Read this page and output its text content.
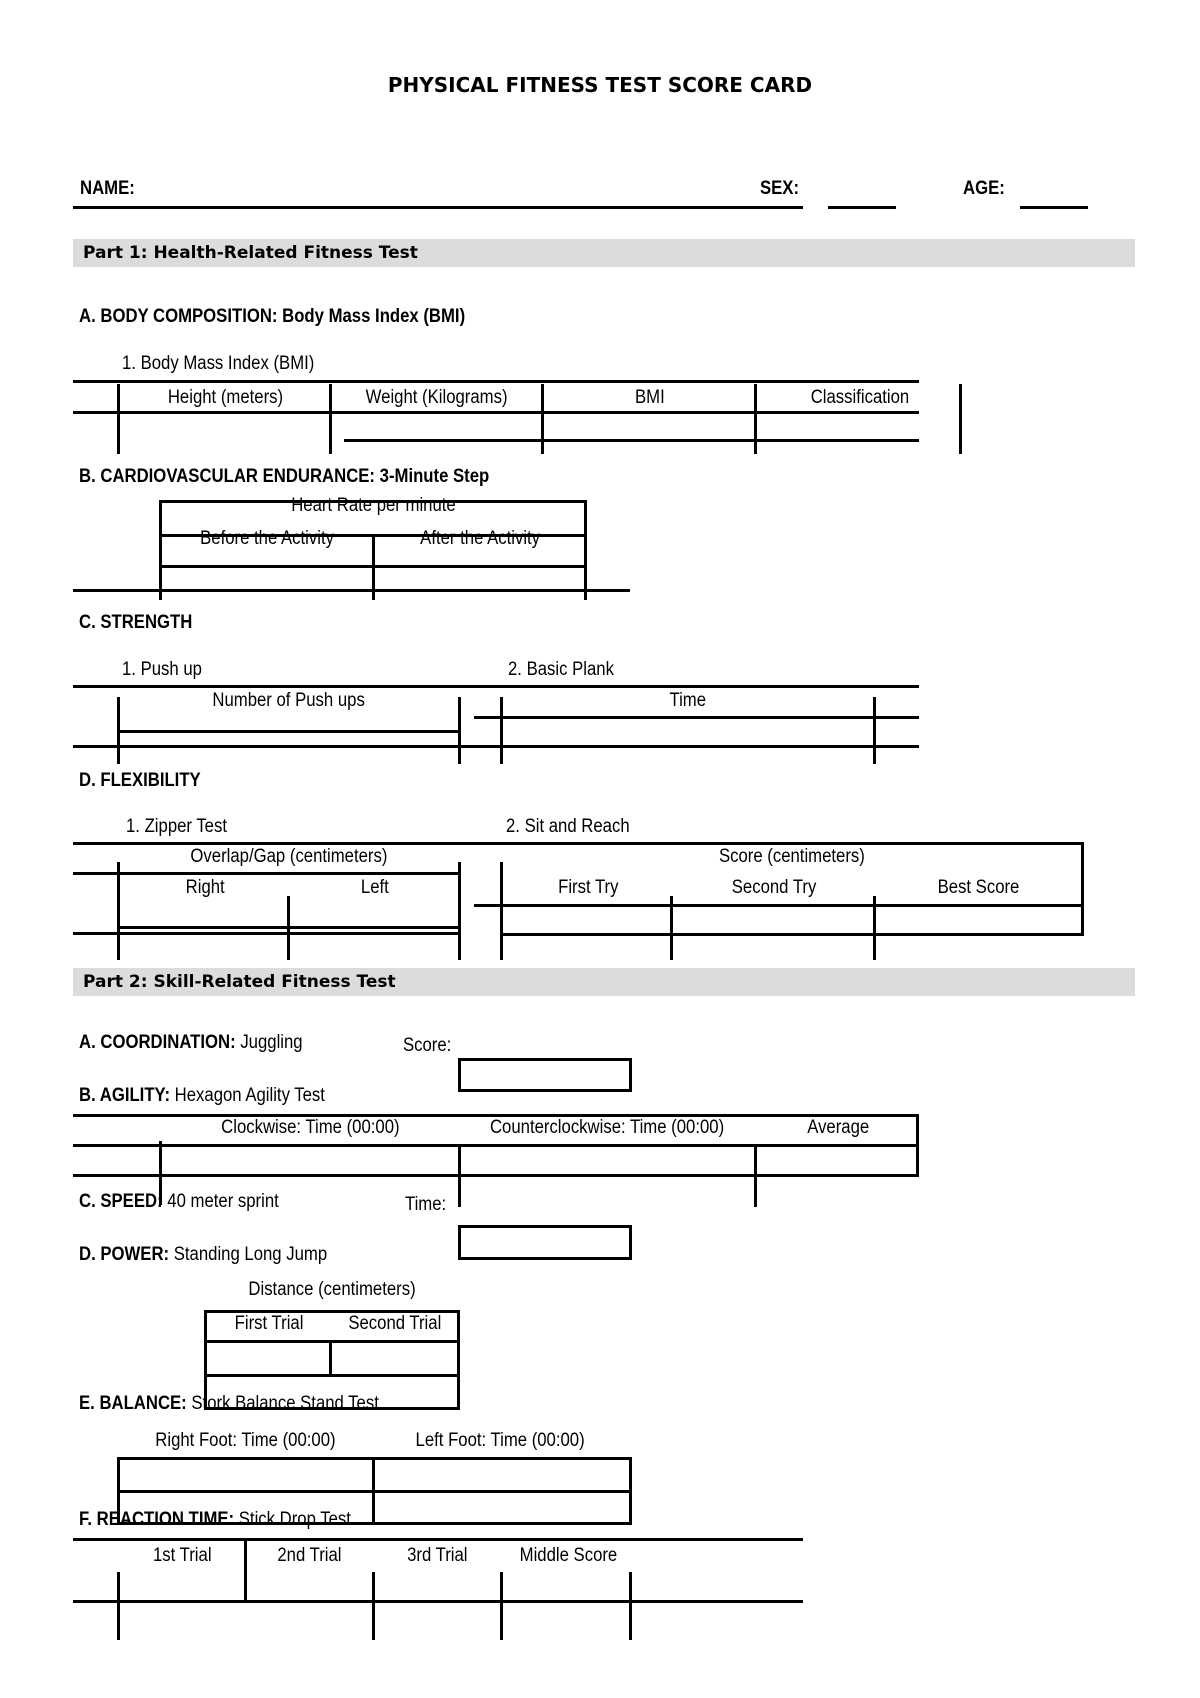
PHYSICAL FITNESS TEST SCORE CARD
NAME:	SEX:	AGE:
Part 1: Health-Related Fitness Test
A. BODY COMPOSITION: Body Mass Index (BMI)
1. Body Mass Index (BMI)
Height (meters)	Weight (Kilograms)	BMI	Classification
B. CARDIOVASCULAR ENDURANCE: 3-Minute Step
Heart Rate per minute
Before the Activity	After the Activity
C. STRENGTH
1. Push up	2. Basic Plank
Number of Push ups	Time
D. FLEXIBILITY
1. Zipper Test	2. Sit and Reach
Overlap/Gap (centimeters)
Right	Left
Score (centimeters)
First Try	Second Try	Best Score
Part 2: Skill-Related Fitness Test
A. COORDINATION: Juggling	Score:
B. AGILITY: Hexagon Agility Test
Clockwise: Time (00:00)	Counterclockwise: Time (00:00)	Average
C. SPEED: 40 meter sprint	Time:
D. POWER: Standing Long Jump
Distance (centimeters)
First Trial	Second Trial
E. BALANCE: Stork Balance Stand Test
Right Foot: Time (00:00)	Left Foot: Time (00:00)
F. REACTION TIME: Stick Drop Test
1st Trial	2nd Trial	3rd Trial	Middle Score
